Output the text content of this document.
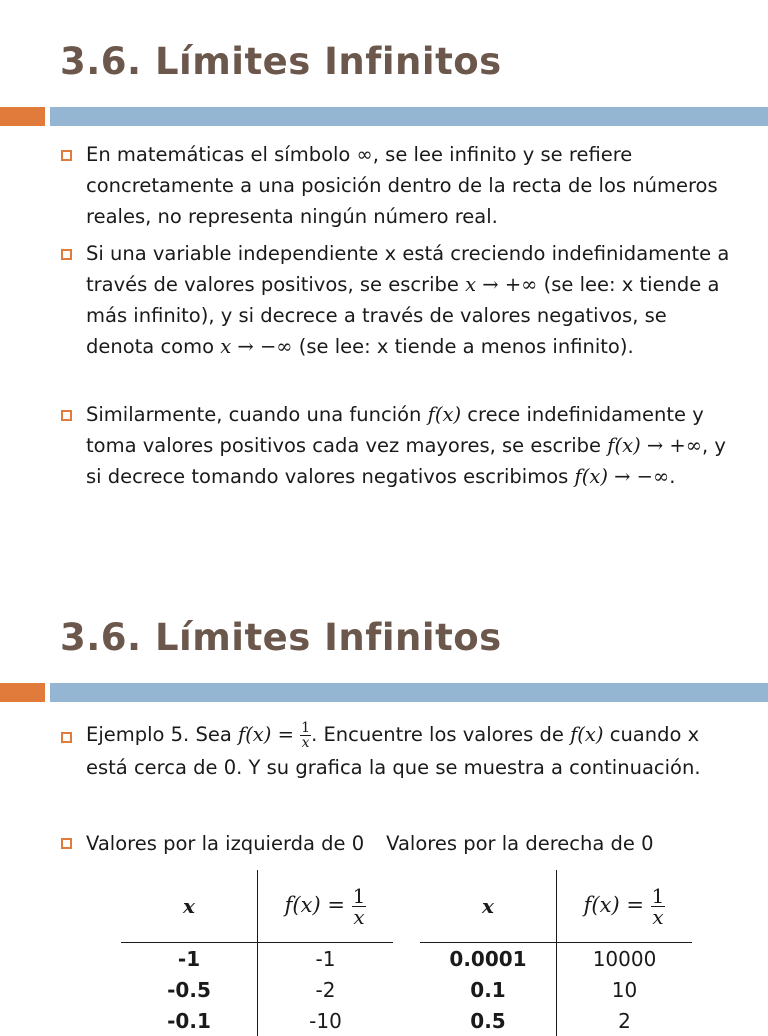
3.6. Límites Infinitos
En matemáticas el símbolo ∞, se lee infinito y se refiere concretamente a una posición dentro de la recta de los números reales, no representa ningún número real.
Si una variable independiente x está creciendo indefinidamente a través de valores positivos, se escribe x → +∞ (se lee: x tiende a más infinito), y si decrece a través de valores negativos, se denota como x → −∞ (se lee: x tiende a menos infinito).
Similarmente, cuando una función f(x) crece indefinidamente y toma valores positivos cada vez mayores, se escribe f(x) → +∞, y si decrece tomando valores negativos escribimos f(x) → −∞.
3.6. Límites Infinitos
Ejemplo 5. Sea $f(x) = \frac{1}{x}$ . Encuentre los valores de f(x) cuando x está cerca de 0. Y su grafica la que se muestra a continuación.
Valores por la izquierda de 0 Valores por la derecha de 0
x	$f(x) = \frac{1}{x}$

-1	-1
-0.5	-2
-0.1	-10
x	$f(x) = \frac{1}{x}$

0.0001	10000
0.1	10
0.5	2
